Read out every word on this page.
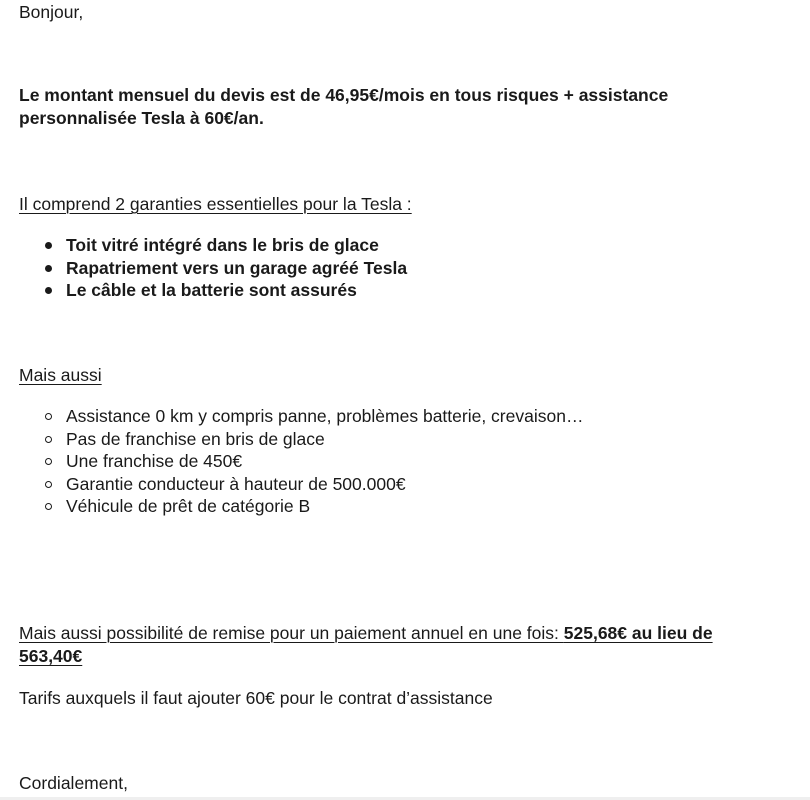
Bonjour,

Le montant mensuel du devis est de 46,95€/mois en tous risques + assistance personnalisée Tesla à 60€/an.

Il comprend 2 garanties essentielles pour la Tesla :

Toit vitré intégré dans le bris de glace
Rapatriement vers un garage agréé Tesla
Le câble et la batterie sont assurés

Mais aussi

Assistance 0 km y compris panne, problèmes batterie, crevaison…
Pas de franchise en bris de glace
Une franchise de 450€
Garantie conducteur à hauteur de 500.000€
Véhicule de prêt de catégorie B

Mais aussi possibilité de remise pour un paiement annuel en une fois: 525,68€ au lieu de 563,40€

Tarifs auxquels il faut ajouter 60€ pour le contrat d’assistance

Cordialement,
